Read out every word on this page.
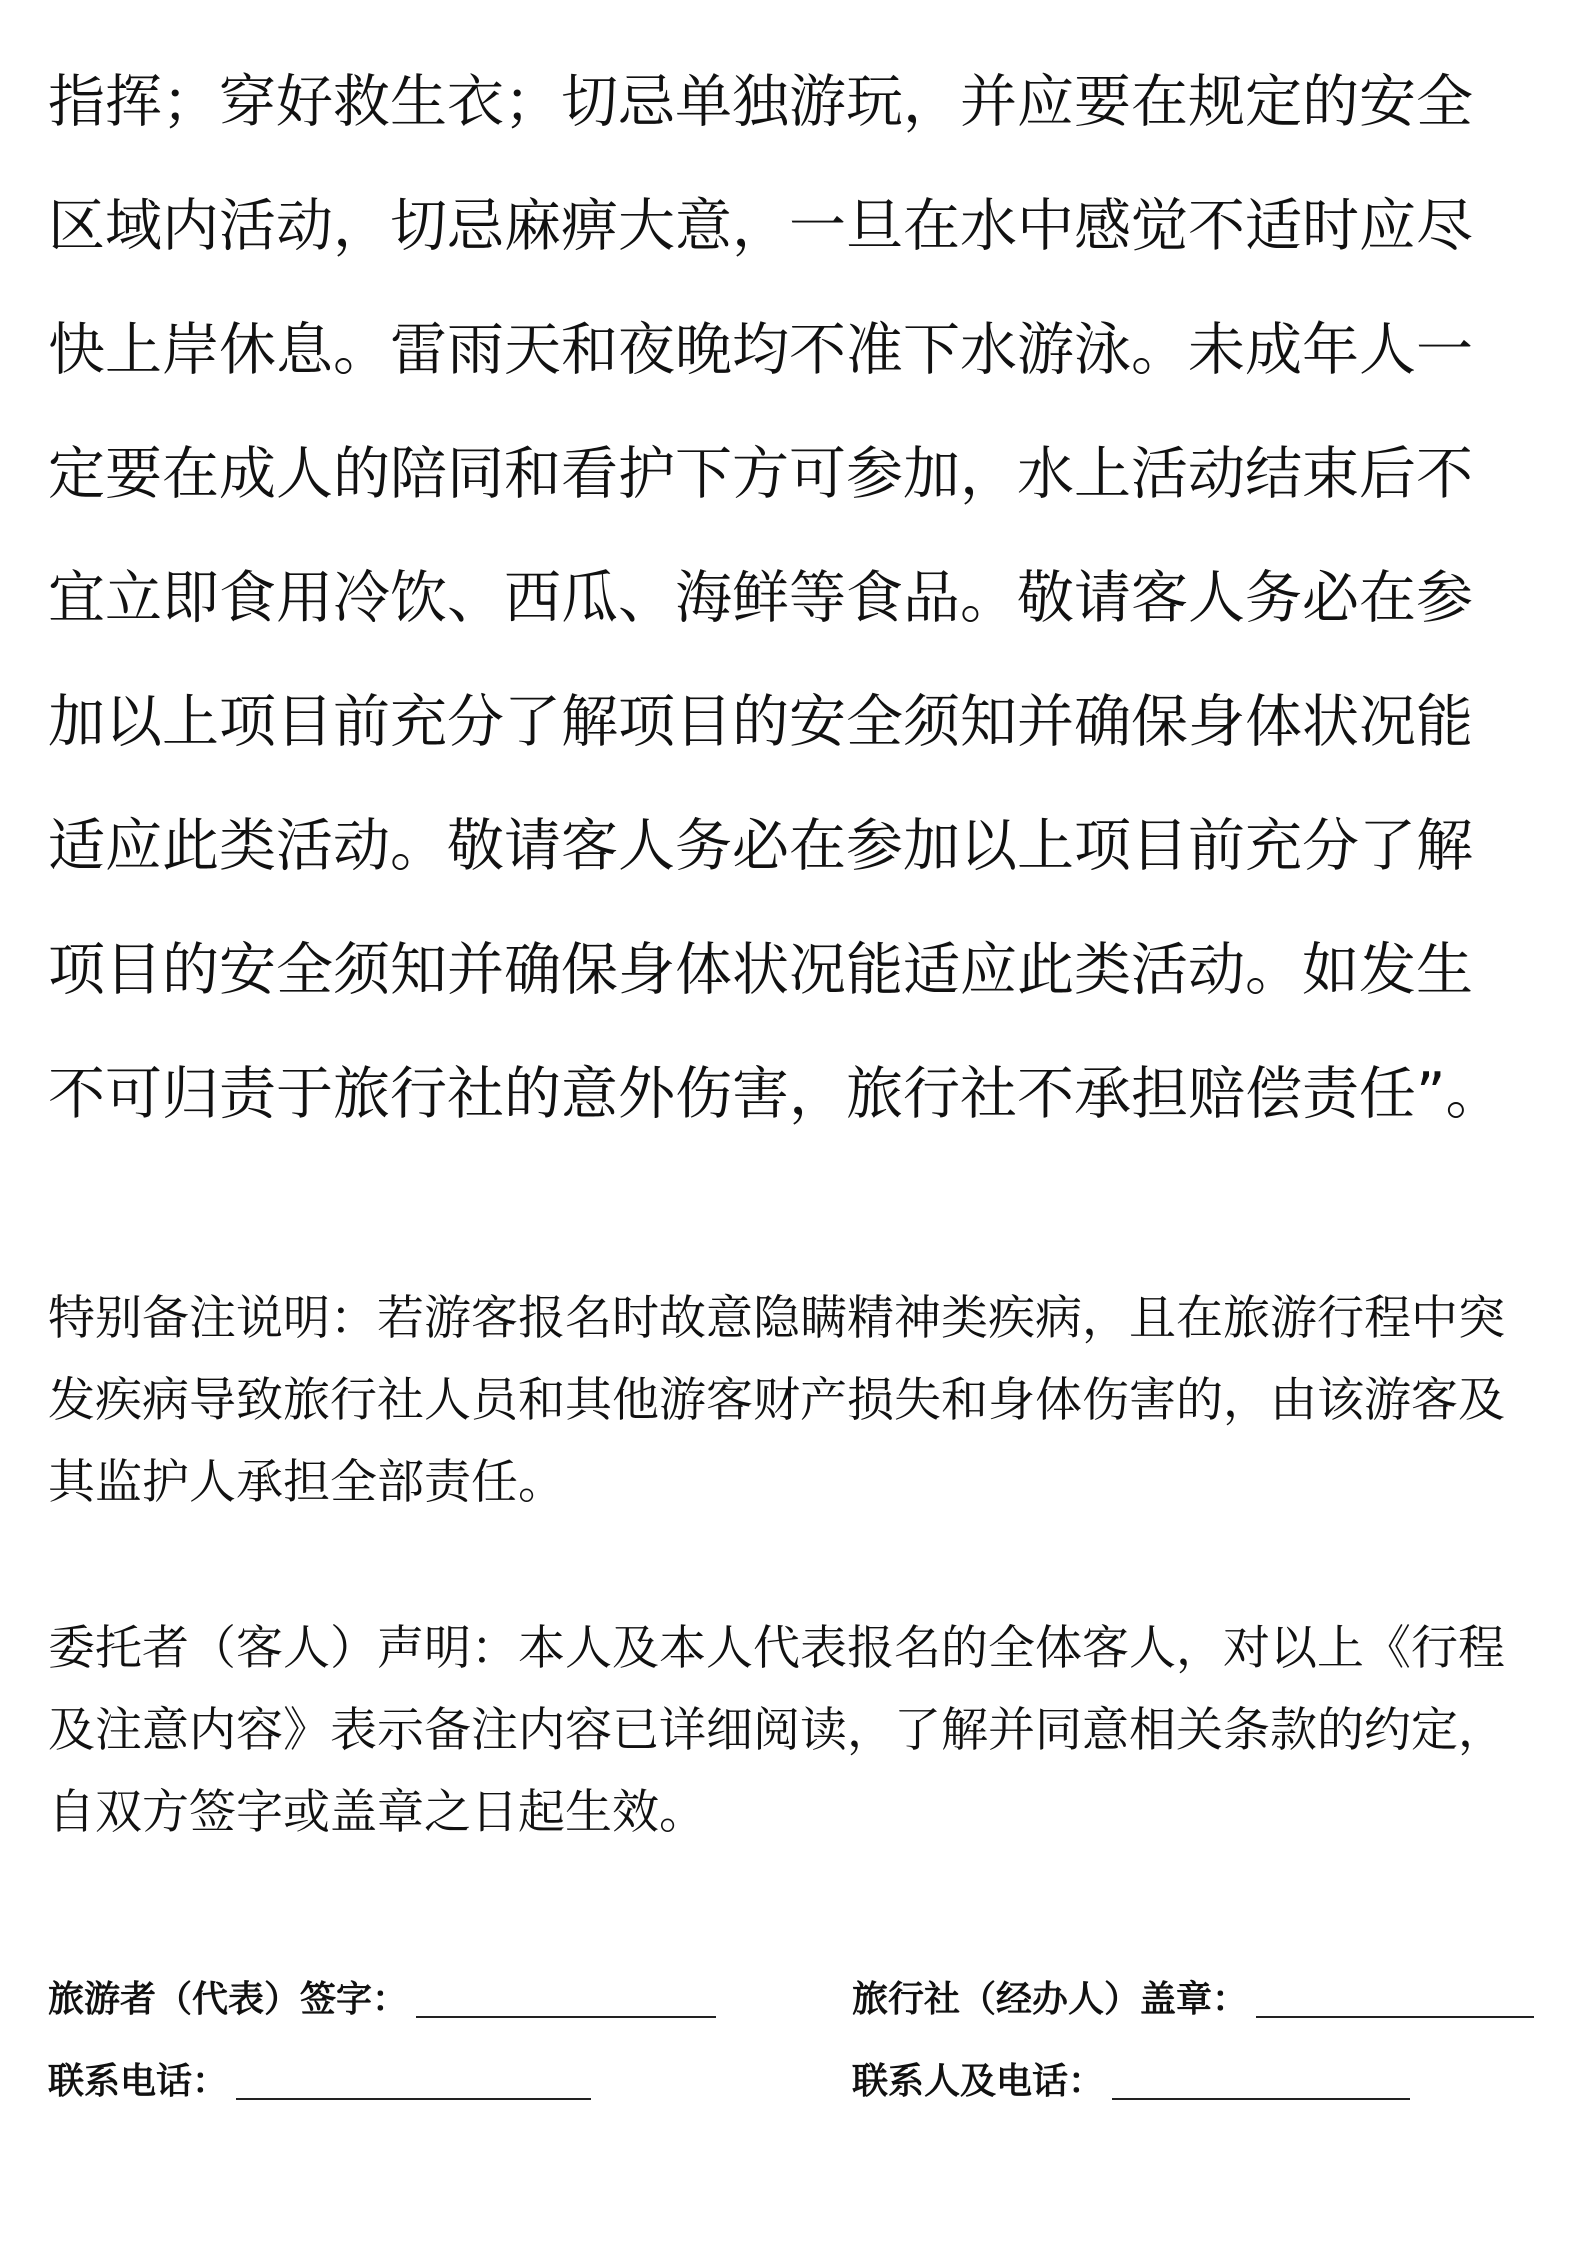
指挥；穿好救生衣；切忌单独游玩，并应要在规定的安全
区域内活动，切忌麻痹大意，一旦在水中感觉不适时应尽
快上岸休息。雷雨天和夜晚均不准下水游泳。未成年人一
定要在成人的陪同和看护下方可参加，水上活动结束后不
宜立即食用冷饮、西瓜、海鲜等食品。敬请客人务必在参
加以上项目前充分了解项目的安全须知并确保身体状况能
适应此类活动。敬请客人务必在参加以上项目前充分了解
项目的安全须知并确保身体状况能适应此类活动。如发生
不可归责于旅行社的意外伤害，旅行社不承担赔偿责任”。
特别备注说明：若游客报名时故意隐瞒精神类疾病，且在旅游行程中突
发疾病导致旅行社人员和其他游客财产损失和身体伤害的，由该游客及
其监护人承担全部责任。
委托者（客人）声明：本人及本人代表报名的全体客人，对以上《行程
及注意内容》表示备注内容已详细阅读，了解并同意相关条款的约定，
自双方签字或盖章之日起生效。
旅游者（代表）签字：	旅行社（经办人）盖章：
联系电话：	联系人及电话：
